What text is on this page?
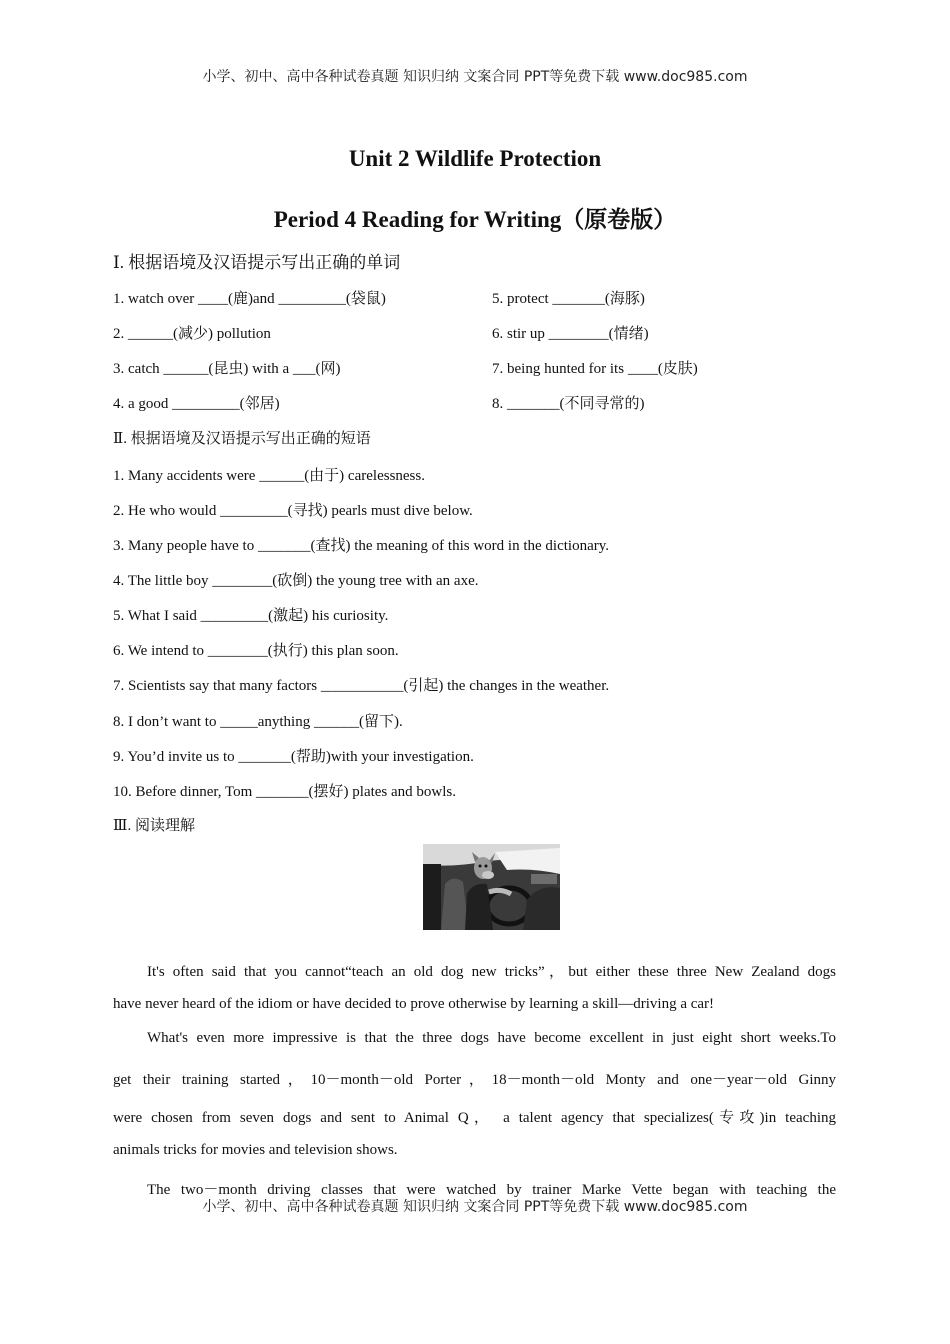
小学、初中、高中各种试卷真题 知识归纳 文案合同 PPT等免费下载 www.doc985.com
Unit 2 Wildlife Protection
Period 4 Reading for Writing（原卷版）
Ⅰ. 根据语境及汉语提示写出正确的单词
1. watch over ____(鹿)and _________(袋鼠)	5. protect _______(海豚)
2. ______(减少) pollution	6. stir up ________(情绪)
3. catch ______(昆虫) with a ___(网)	7. being hunted for its ____(皮肤)
4. a good _________(邻居)	8. _______(不同寻常的)
Ⅱ. 根据语境及汉语提示写出正确的短语
1. Many accidents were ______(由于) carelessness.
2. He who would _________(寻找) pearls must dive below.
3. Many people have to _______(查找) the meaning of this word in the dictionary.
4. The little boy ________(砍倒) the young tree with an axe.
5. What I said _________(激起) his curiosity.
6. We intend to ________(执行) this plan soon.
7. Scientists say that many factors ___________(引起) the changes in the weather.
8. I don’t want to _____anything ______(留下).
9. You’d invite us to _______(帮助)with your investigation.
10. Before dinner, Tom _______(摆好) plates and bowls.
Ⅲ. 阅读理解
It's often said that you cannot“teach an old dog new tricks”，but either these three New Zealand dogs
have never heard of the idiom or have decided to prove otherwise by learning a skill—driving a car!
What's even more impressive is that the three dogs have become excellent in just eight short weeks.To
get their training started，10－month－old Porter，18－month－old Monty and one－year－old Ginny
were chosen from seven dogs and sent to Animal Q， a talent agency that specializes(专攻)in teaching
animals tricks for movies and television shows.
The two－month driving classes that were watched by trainer Marke Vette began with teaching the
小学、初中、高中各种试卷真题 知识归纳 文案合同 PPT等免费下载 www.doc985.com
